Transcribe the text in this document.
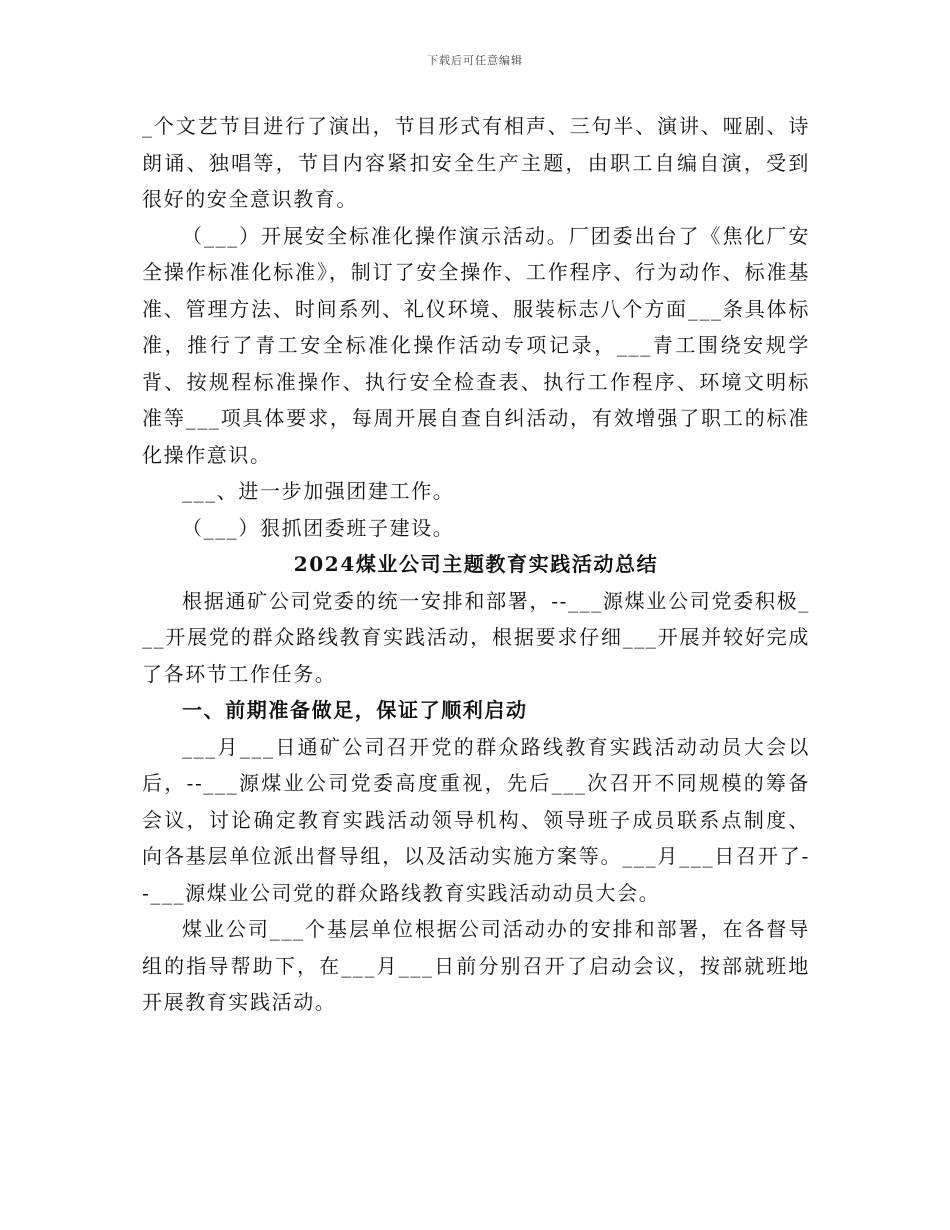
下载后可任意编辑

_个文艺节目进行了演出，节目形式有相声、三句半、演讲、哑剧、诗朗诵、独唱等，节目内容紧扣安全生产主题，由职工自编自演，受到很好的安全意识教育。

（___）开展安全标准化操作演示活动。厂团委出台了《焦化厂安全操作标准化标准》，制订了安全操作、工作程序、行为动作、标准基准、管理方法、时间系列、礼仪环境、服装标志八个方面___条具体标准，推行了青工安全标准化操作活动专项记录，___青工围绕安规学背、按规程标准操作、执行安全检查表、执行工作程序、环境文明标准等___项具体要求，每周开展自查自纠活动，有效增强了职工的标准化操作意识。

___、进一步加强团建工作。

（___）狠抓团委班子建设。

2024煤业公司主题教育实践活动总结

根据通矿公司党委的统一安排和部署，--___源煤业公司党委积极___开展党的群众路线教育实践活动，根据要求仔细___开展并较好完成了各环节工作任务。

一、前期准备做足，保证了顺利启动

___月___日通矿公司召开党的群众路线教育实践活动动员大会以后，--___源煤业公司党委高度重视，先后___次召开不同规模的筹备会议，讨论确定教育实践活动领导机构、领导班子成员联系点制度、向各基层单位派出督导组，以及活动实施方案等。___月___日召开了--___源煤业公司党的群众路线教育实践活动动员大会。

煤业公司___个基层单位根据公司活动办的安排和部署，在各督导组的指导帮助下，在___月___日前分别召开了启动会议，按部就班地开展教育实践活动。
